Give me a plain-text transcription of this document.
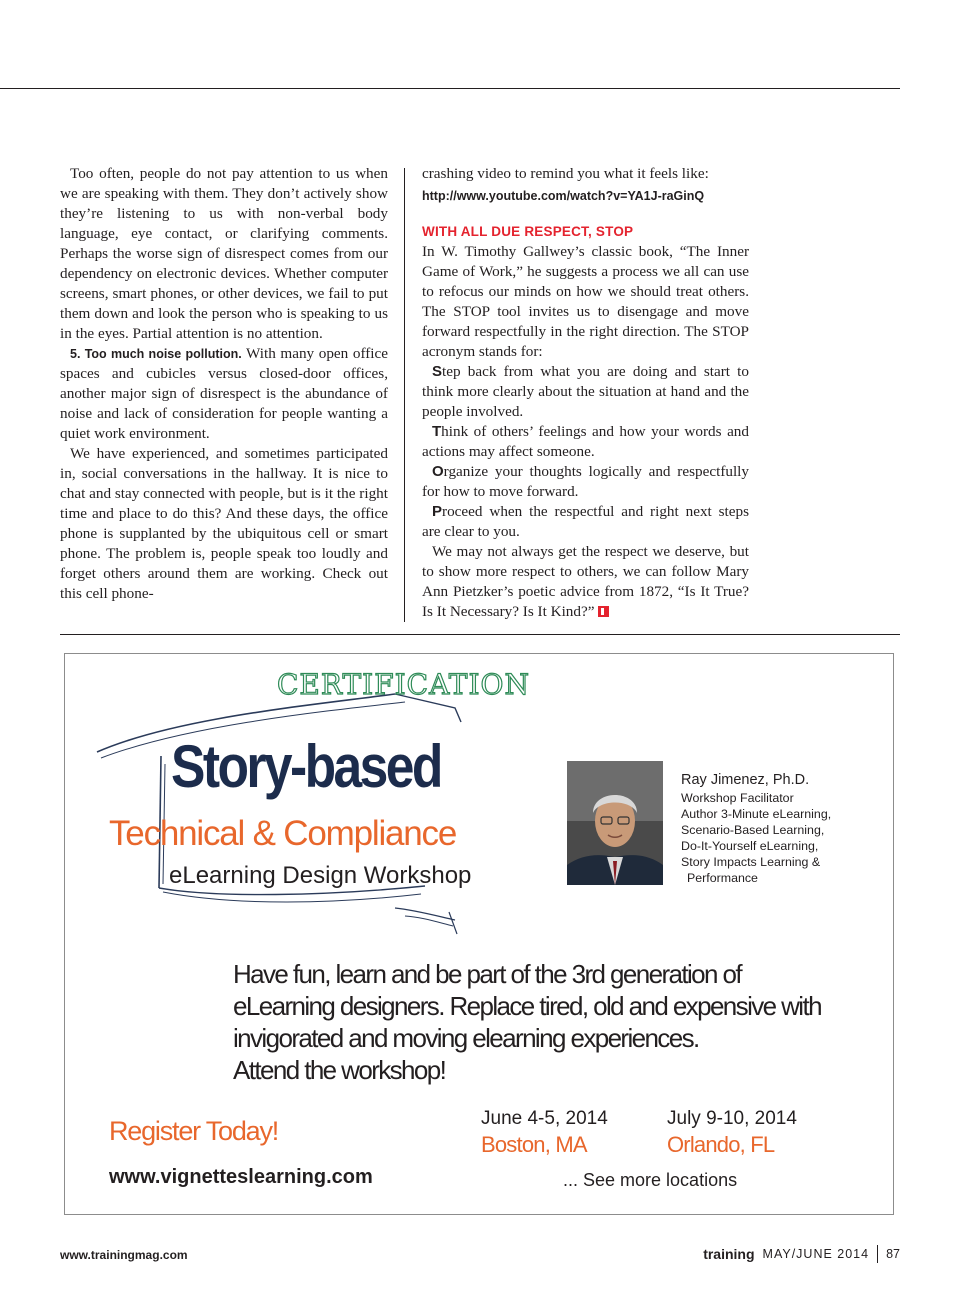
Too often, people do not pay attention to us when we are speaking with them. They don’t actively show they’re listening to us with non-verbal body language, eye contact, or clarifying comments. Perhaps the worse sign of disrespect comes from our dependency on electronic devices. Whether computer screens, smart phones, or other devices, we fail to put them down and look the person who is speaking to us in the eyes. Partial attention is no attention.

5. Too much noise pollution. With many open office spaces and cubicles versus closed-door offices, another major sign of disrespect is the abundance of noise and lack of consideration for people wanting a quiet work environment.

We have experienced, and sometimes participated in, social conversations in the hallway. It is nice to chat and stay connected with people, but is it the right time and place to do this? And these days, the office phone is supplanted by the ubiquitous cell or smart phone. The problem is, people speak too loudly and forget others around them are working. Check out this cell phone-

crashing video to remind you what it feels like:

http://www.youtube.com/watch?v=YA1J-raGinQ

WITH ALL DUE RESPECT, STOP

In W. Timothy Gallwey’s classic book, “The Inner Game of Work,” he suggests a process we all can use to refocus our minds on how we should treat others. The STOP tool invites us to disengage and move forward respectfully in the right direction. The STOP acronym stands for:

Step back from what you are doing and start to think more clearly about the situation at hand and the people involved.

Think of others’ feelings and how your words and actions may affect someone.

Organize your thoughts logically and respectfully for how to move forward.

Proceed when the respectful and right next steps are clear to you.

We may not always get the respect we deserve, but to show more respect to others, we can follow Mary Ann Pietzker’s poetic advice from 1872, “Is It True? Is It Necessary? Is It Kind?”

CERTIFICATION
Story-based
Technical & Compliance
eLearning Design Workshop
Ray Jimenez, Ph.D.
Workshop Facilitator
Author 3-Minute eLearning,
Scenario-Based Learning,
Do-It-Yourself eLearning,
Story Impacts Learning &
Performance
Have fun, learn and be part of the 3rd generation of
eLearning designers. Replace tired, old and expensive with
invigorated and moving elearning experiences.
Attend the workshop!
Register Today!
www.vignetteslearning.com
June 4-5, 2014
Boston, MA
July 9-10, 2014
Orlando, FL
... See more locations
www.trainingmag.com	training MAY/JUNE 2014 87
